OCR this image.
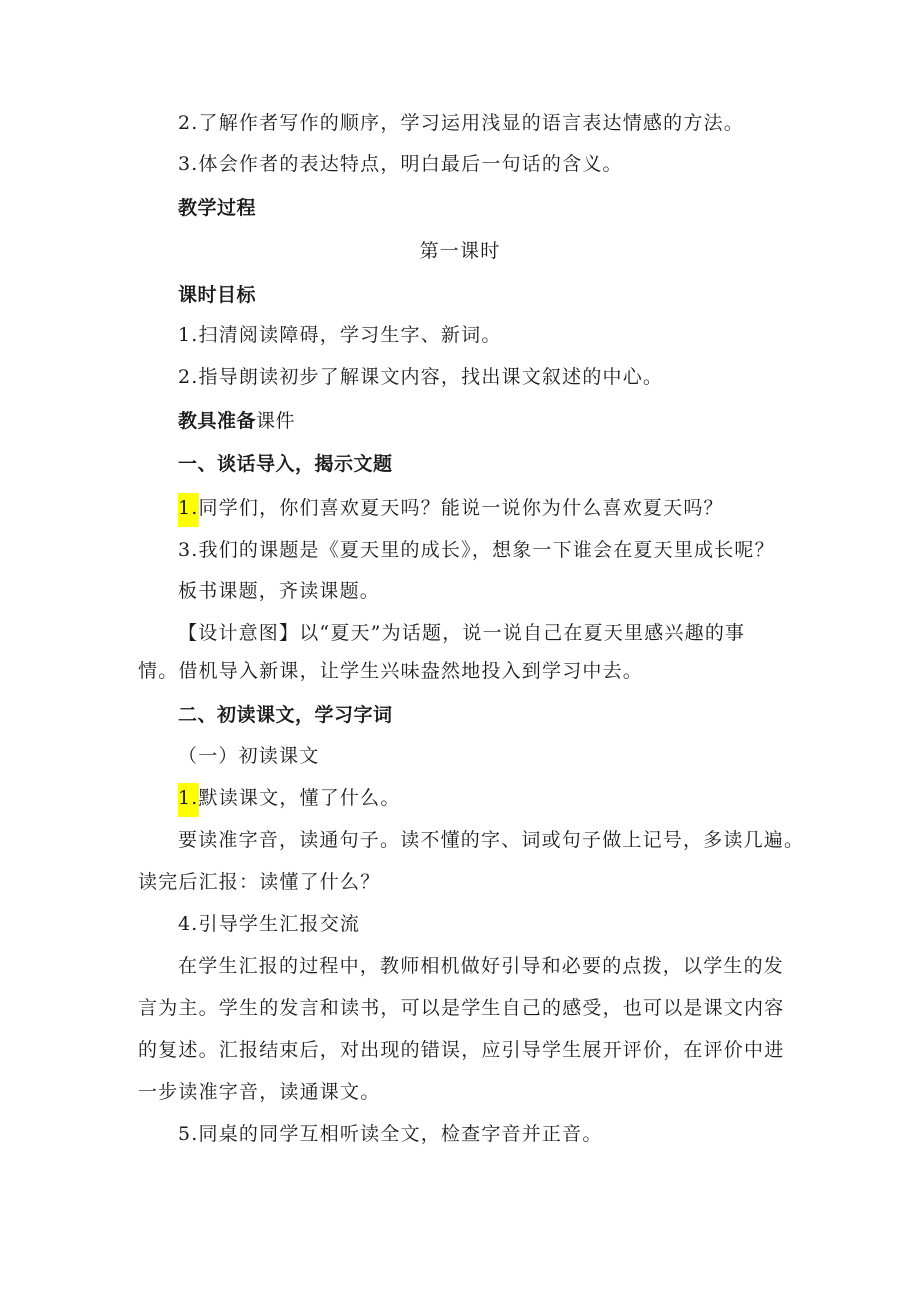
2.了解作者写作的顺序，学习运用浅显的语言表达情感的方法。
3.体会作者的表达特点，明白最后一句话的含义。
教学过程
第一课时
课时目标
1.扫清阅读障碍，学习生字、新词。
2.指导朗读初步了解课文内容，找出课文叙述的中心。
教具准备课件
一、谈话导入，揭示文题
1.同学们，你们喜欢夏天吗？能说一说你为什么喜欢夏天吗？
3.我们的课题是《夏天里的成长》，想象一下谁会在夏天里成长呢？
板书课题，齐读课题。
【设计意图】以“夏天”为话题，说一说自己在夏天里感兴趣的事
情。借机导入新课，让学生兴味盎然地投入到学习中去。
二、初读课文，学习字词
（一）初读课文
1.默读课文，懂了什么。
要读准字音，读通句子。读不懂的字、词或句子做上记号，多读几遍。
读完后汇报：读懂了什么？
4.引导学生汇报交流
在学生汇报的过程中，教师相机做好引导和必要的点拨，以学生的发
言为主。学生的发言和读书，可以是学生自己的感受，也可以是课文内容
的复述。汇报结束后，对出现的错误，应引导学生展开评价，在评价中进
一步读准字音，读通课文。
5.同桌的同学互相听读全文，检查字音并正音。
